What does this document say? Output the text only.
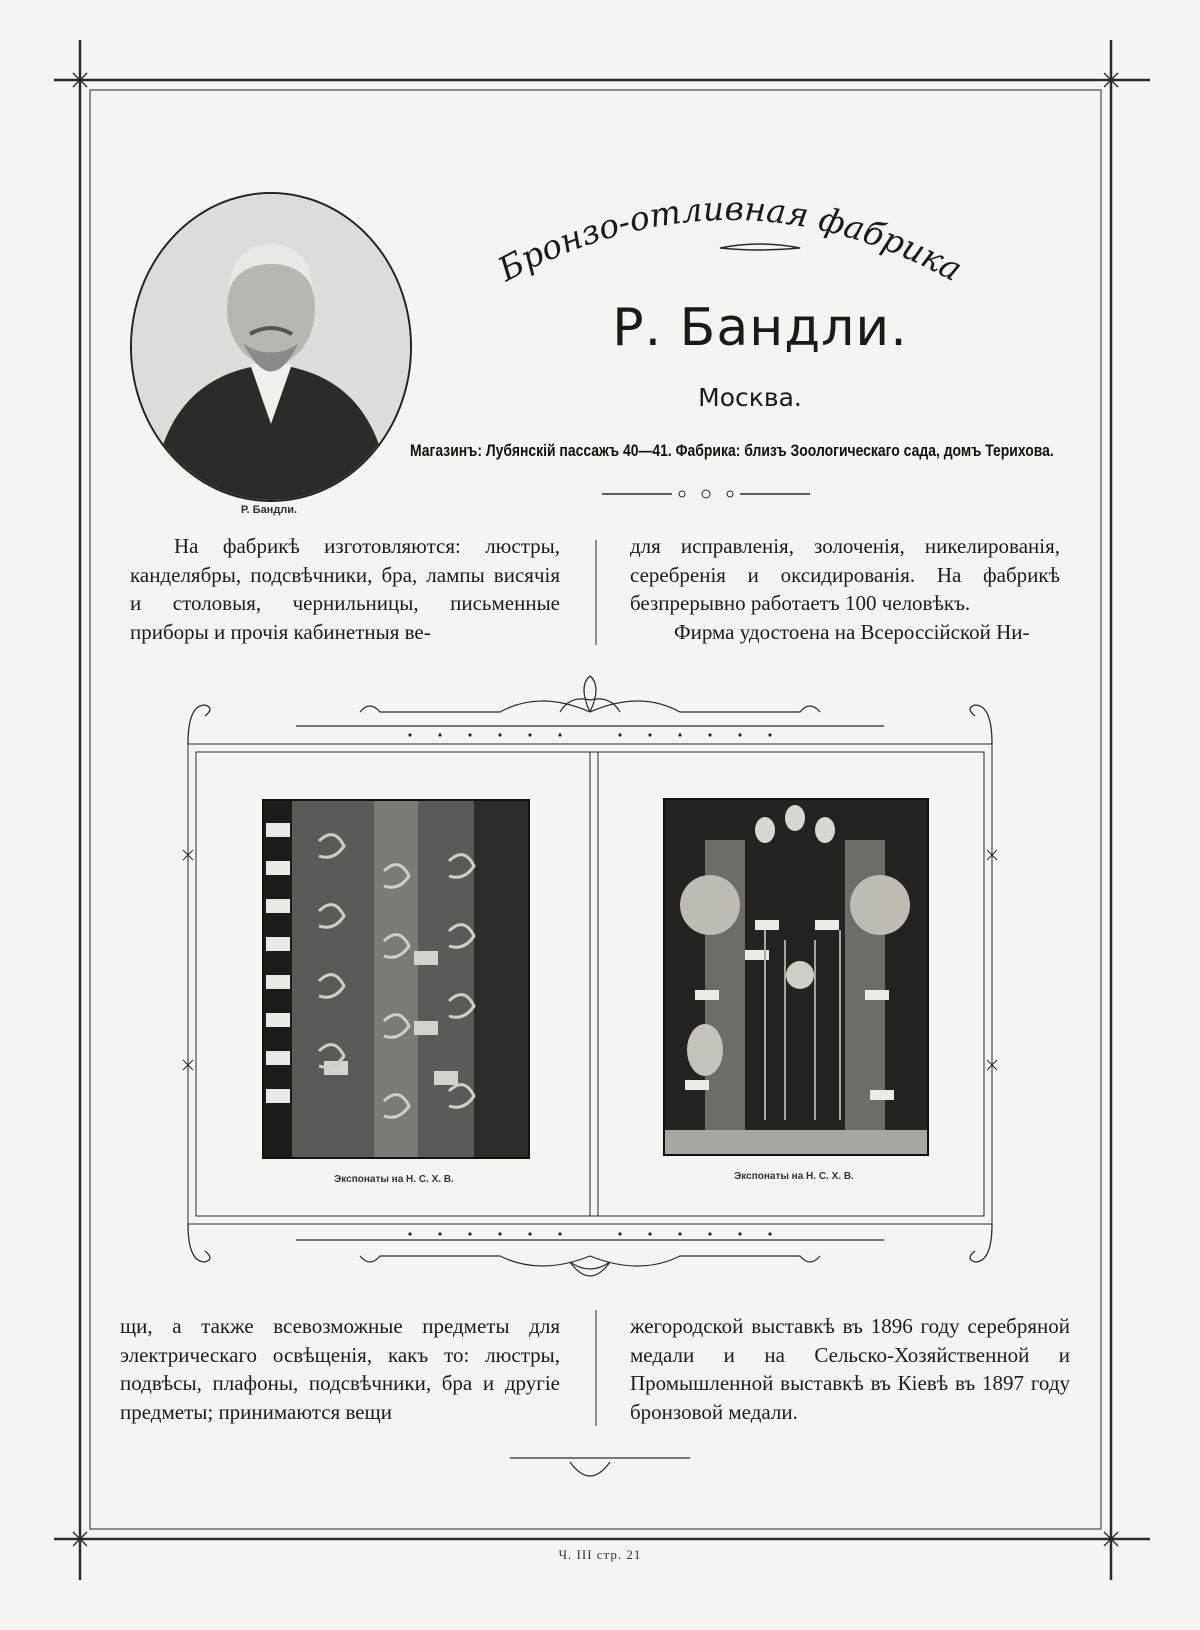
Р. Бандли.
Бронзо-отливная фабрика
Р. Бандли.
Москва.
Магазинъ: Лубянскій пассажъ 40—41. Фабрика: близъ Зоологическаго сада, домъ Терихова.

На фабрикѣ изготовляются: люстры, канделябры, подсвѣчники, бра, лампы висячія и столовыя, чернильницы, письменные приборы и прочія кабинетныя ве-

для исправленія, золоченія, никелированія, серебренія и оксидированія. На фабрикѣ безпрерывно работаетъ 100 человѣкъ.

Фирма удостоена на Всероссійской Ни-

Экспонаты на Н. С. Х. В.	Экспонаты на Н. С. Х. В.

щи, а также всевозможные предметы для электрическаго освѣщенія, какъ то: люстры, подвѣсы, плафоны, подсвѣчники, бра и другіе предметы; принимаются вещи

жегородской выставкѣ въ 1896 году серебряной медали и на Сельско-Хозяйственной и Промышленной выставкѣ въ Кіевѣ въ 1897 году бронзовой медали.

Ч. III стр. 21
